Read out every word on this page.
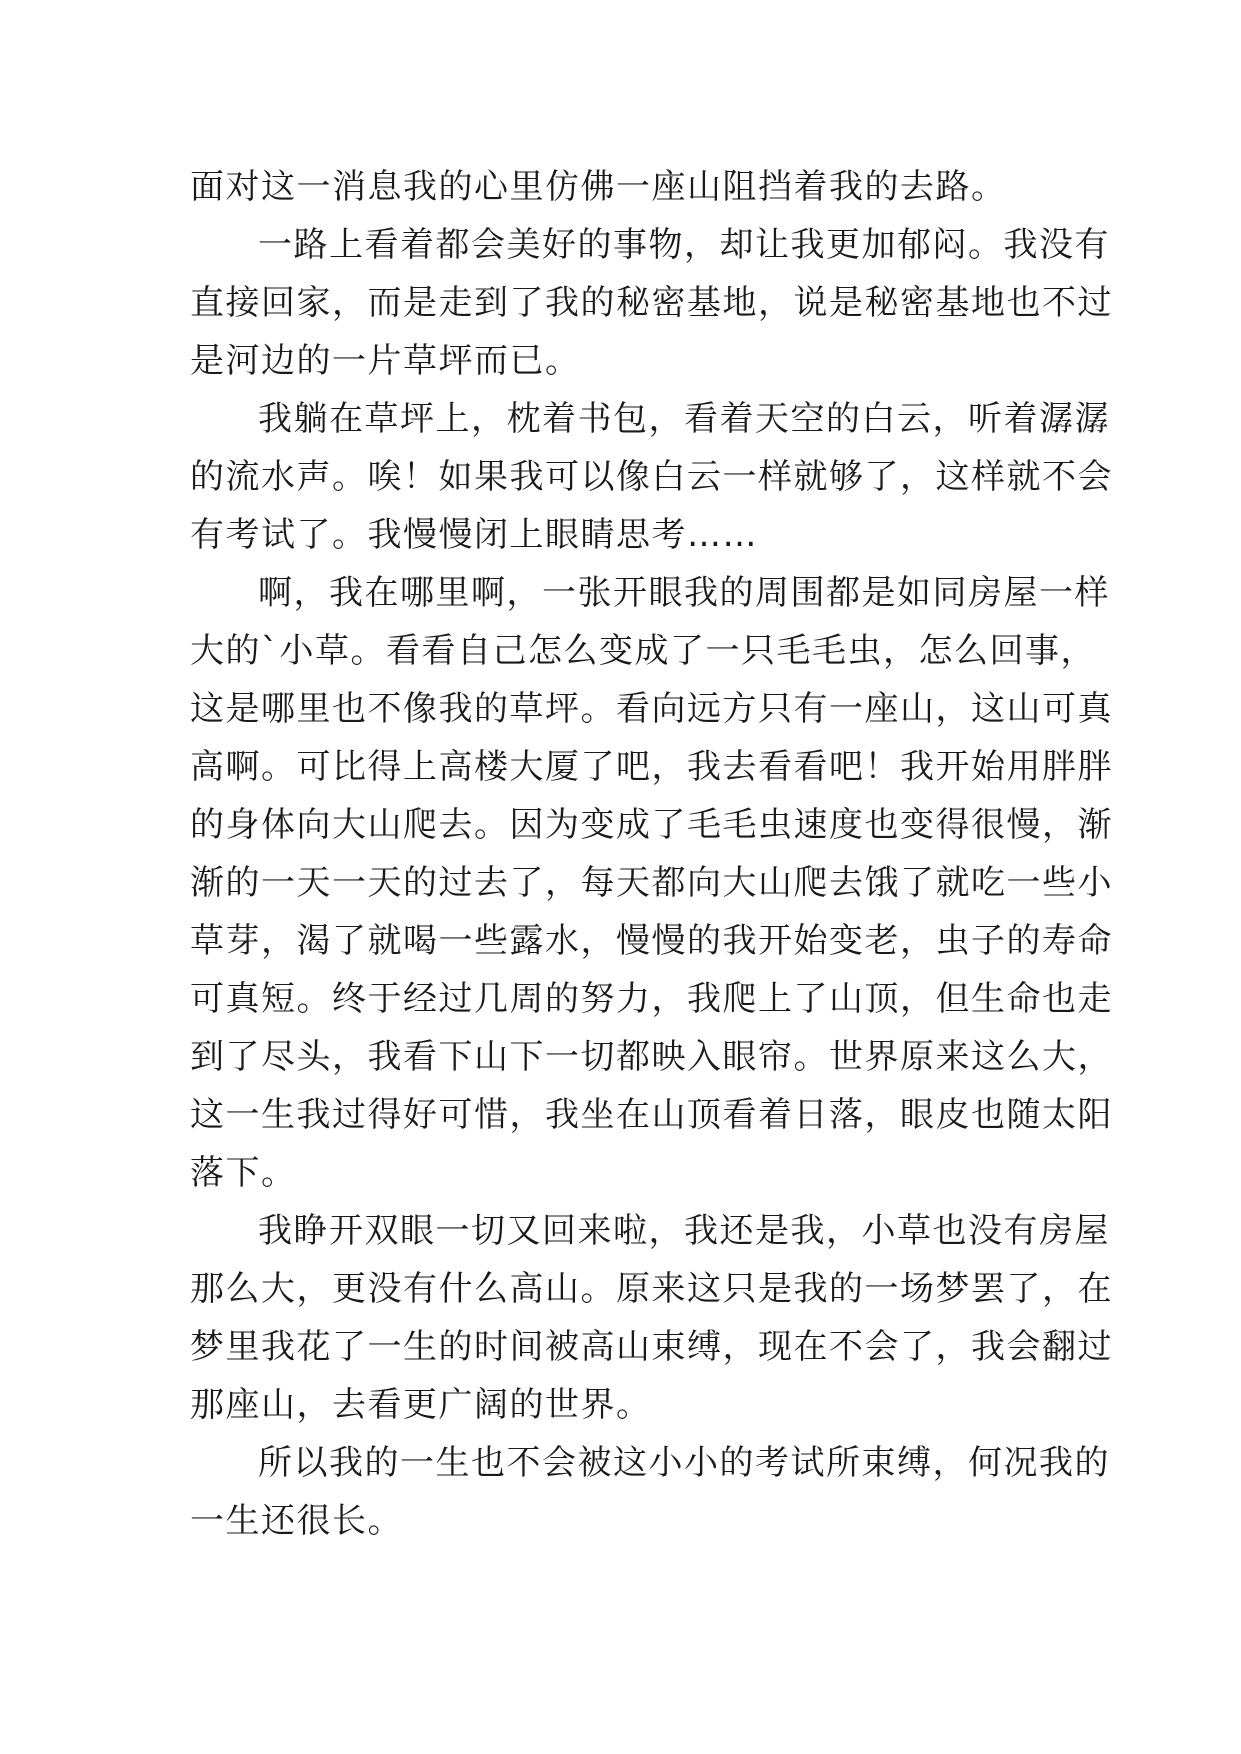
面对这一消息我的心里仿佛一座山阻挡着我的去路。
一路上看着都会美好的事物，却让我更加郁闷。我没有
直接回家，而是走到了我的秘密基地，说是秘密基地也不过
是河边的一片草坪而已。
我躺在草坪上，枕着书包，看着天空的白云，听着潺潺
的流水声。唉！如果我可以像白云一样就够了，这样就不会
有考试了。我慢慢闭上眼睛思考……
啊，我在哪里啊，一张开眼我的周围都是如同房屋一样
大的`小草。看看自己怎么变成了一只毛毛虫，怎么回事，
这是哪里也不像我的草坪。看向远方只有一座山，这山可真
高啊。可比得上高楼大厦了吧，我去看看吧！我开始用胖胖
的身体向大山爬去。因为变成了毛毛虫速度也变得很慢，渐
渐的一天一天的过去了，每天都向大山爬去饿了就吃一些小
草芽，渴了就喝一些露水，慢慢的我开始变老，虫子的寿命
可真短。终于经过几周的努力，我爬上了山顶，但生命也走
到了尽头，我看下山下一切都映入眼帘。世界原来这么大，
这一生我过得好可惜，我坐在山顶看着日落，眼皮也随太阳
落下。
我睁开双眼一切又回来啦，我还是我，小草也没有房屋
那么大，更没有什么高山。原来这只是我的一场梦罢了，在
梦里我花了一生的时间被高山束缚，现在不会了，我会翻过
那座山，去看更广阔的世界。
所以我的一生也不会被这小小的考试所束缚，何况我的
一生还很长。
